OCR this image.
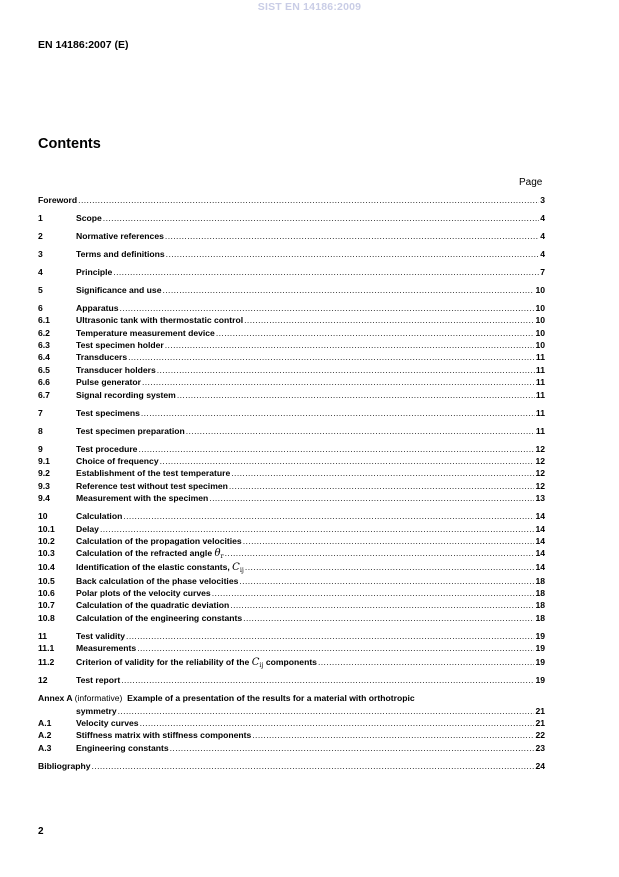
SIST EN 14186:2009
EN 14186:2007 (E)
Contents
Page
Foreword .....	3
1	Scope .....	4
2	Normative references .....	4
3	Terms and definitions .....	4
4	Principle .....	7
5	Significance and use .....	10
6	Apparatus .....	10
6.1	Ultrasonic tank with thermostatic control .....	10
6.2	Temperature measurement device .....	10
6.3	Test specimen holder .....	10
6.4	Transducers .....	11
6.5	Transducer holders .....	11
6.6	Pulse generator .....	11
6.7	Signal recording system .....	11
7	Test specimens .....	11
8	Test specimen preparation .....	11
9	Test procedure .....	12
9.1	Choice of frequency .....	12
9.2	Establishment of the test temperature .....	12
9.3	Reference test without test specimen .....	12
9.4	Measurement with the specimen .....	13
10	Calculation .....	14
10.1	Delay .....	14
10.2	Calculation of the propagation velocities .....	14
10.3	Calculation of the refracted angle $\theta_r$ .....	14
10.4	Identification of the elastic constants, $C_{ij}$ .....	14
10.5	Back calculation of the phase velocities .....	18
10.6	Polar plots of the velocity curves .....	18
10.7	Calculation of the quadratic deviation .....	18
10.8	Calculation of the engineering constants .....	18
11	Test validity .....	19
11.1	Measurements .....	19
11.2	Criterion of validity for the reliability of the $C_{ij}$ components .....	19
12	Test report .....	19
Annex A (informative) Example of a presentation of the results for a material with orthotropic
symmetry .....	21
A.1	Velocity curves .....	21
A.2	Stiffness matrix with stiffness components .....	22
A.3	Engineering constants .....	23
Bibliography .....	24
2
